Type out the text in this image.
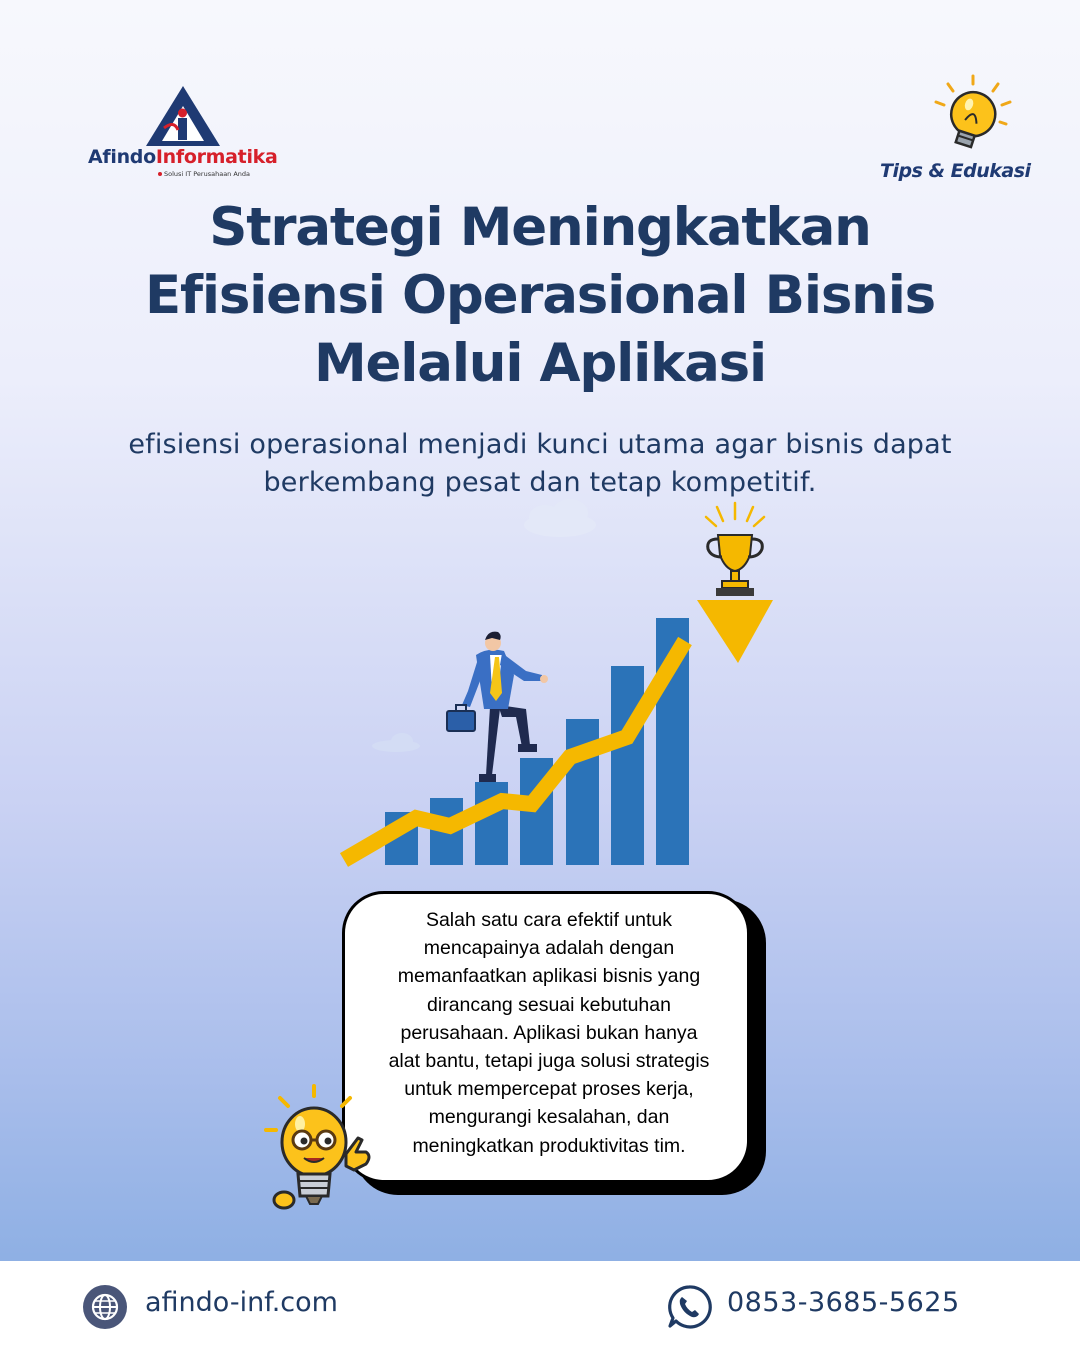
AfindoInformatika
Solusi IT Perusahaan Anda	Tips & Edukasi
Strategi Meningkatkan
Efisiensi Operasional Bisnis
Melalui Aplikasi
efisiensi operasional menjadi kunci utama agar bisnis dapat
berkembang pesat dan tetap kompetitif.
Salah satu cara efektif untuk
mencapainya adalah dengan
memanfaatkan aplikasi bisnis yang
dirancang sesuai kebutuhan
perusahaan. Aplikasi bukan hanya
alat bantu, tetapi juga solusi strategis
untuk mempercepat proses kerja,
mengurangi kesalahan, dan
meningkatkan produktivitas tim.
afindo-inf.com	0853-3685-5625
